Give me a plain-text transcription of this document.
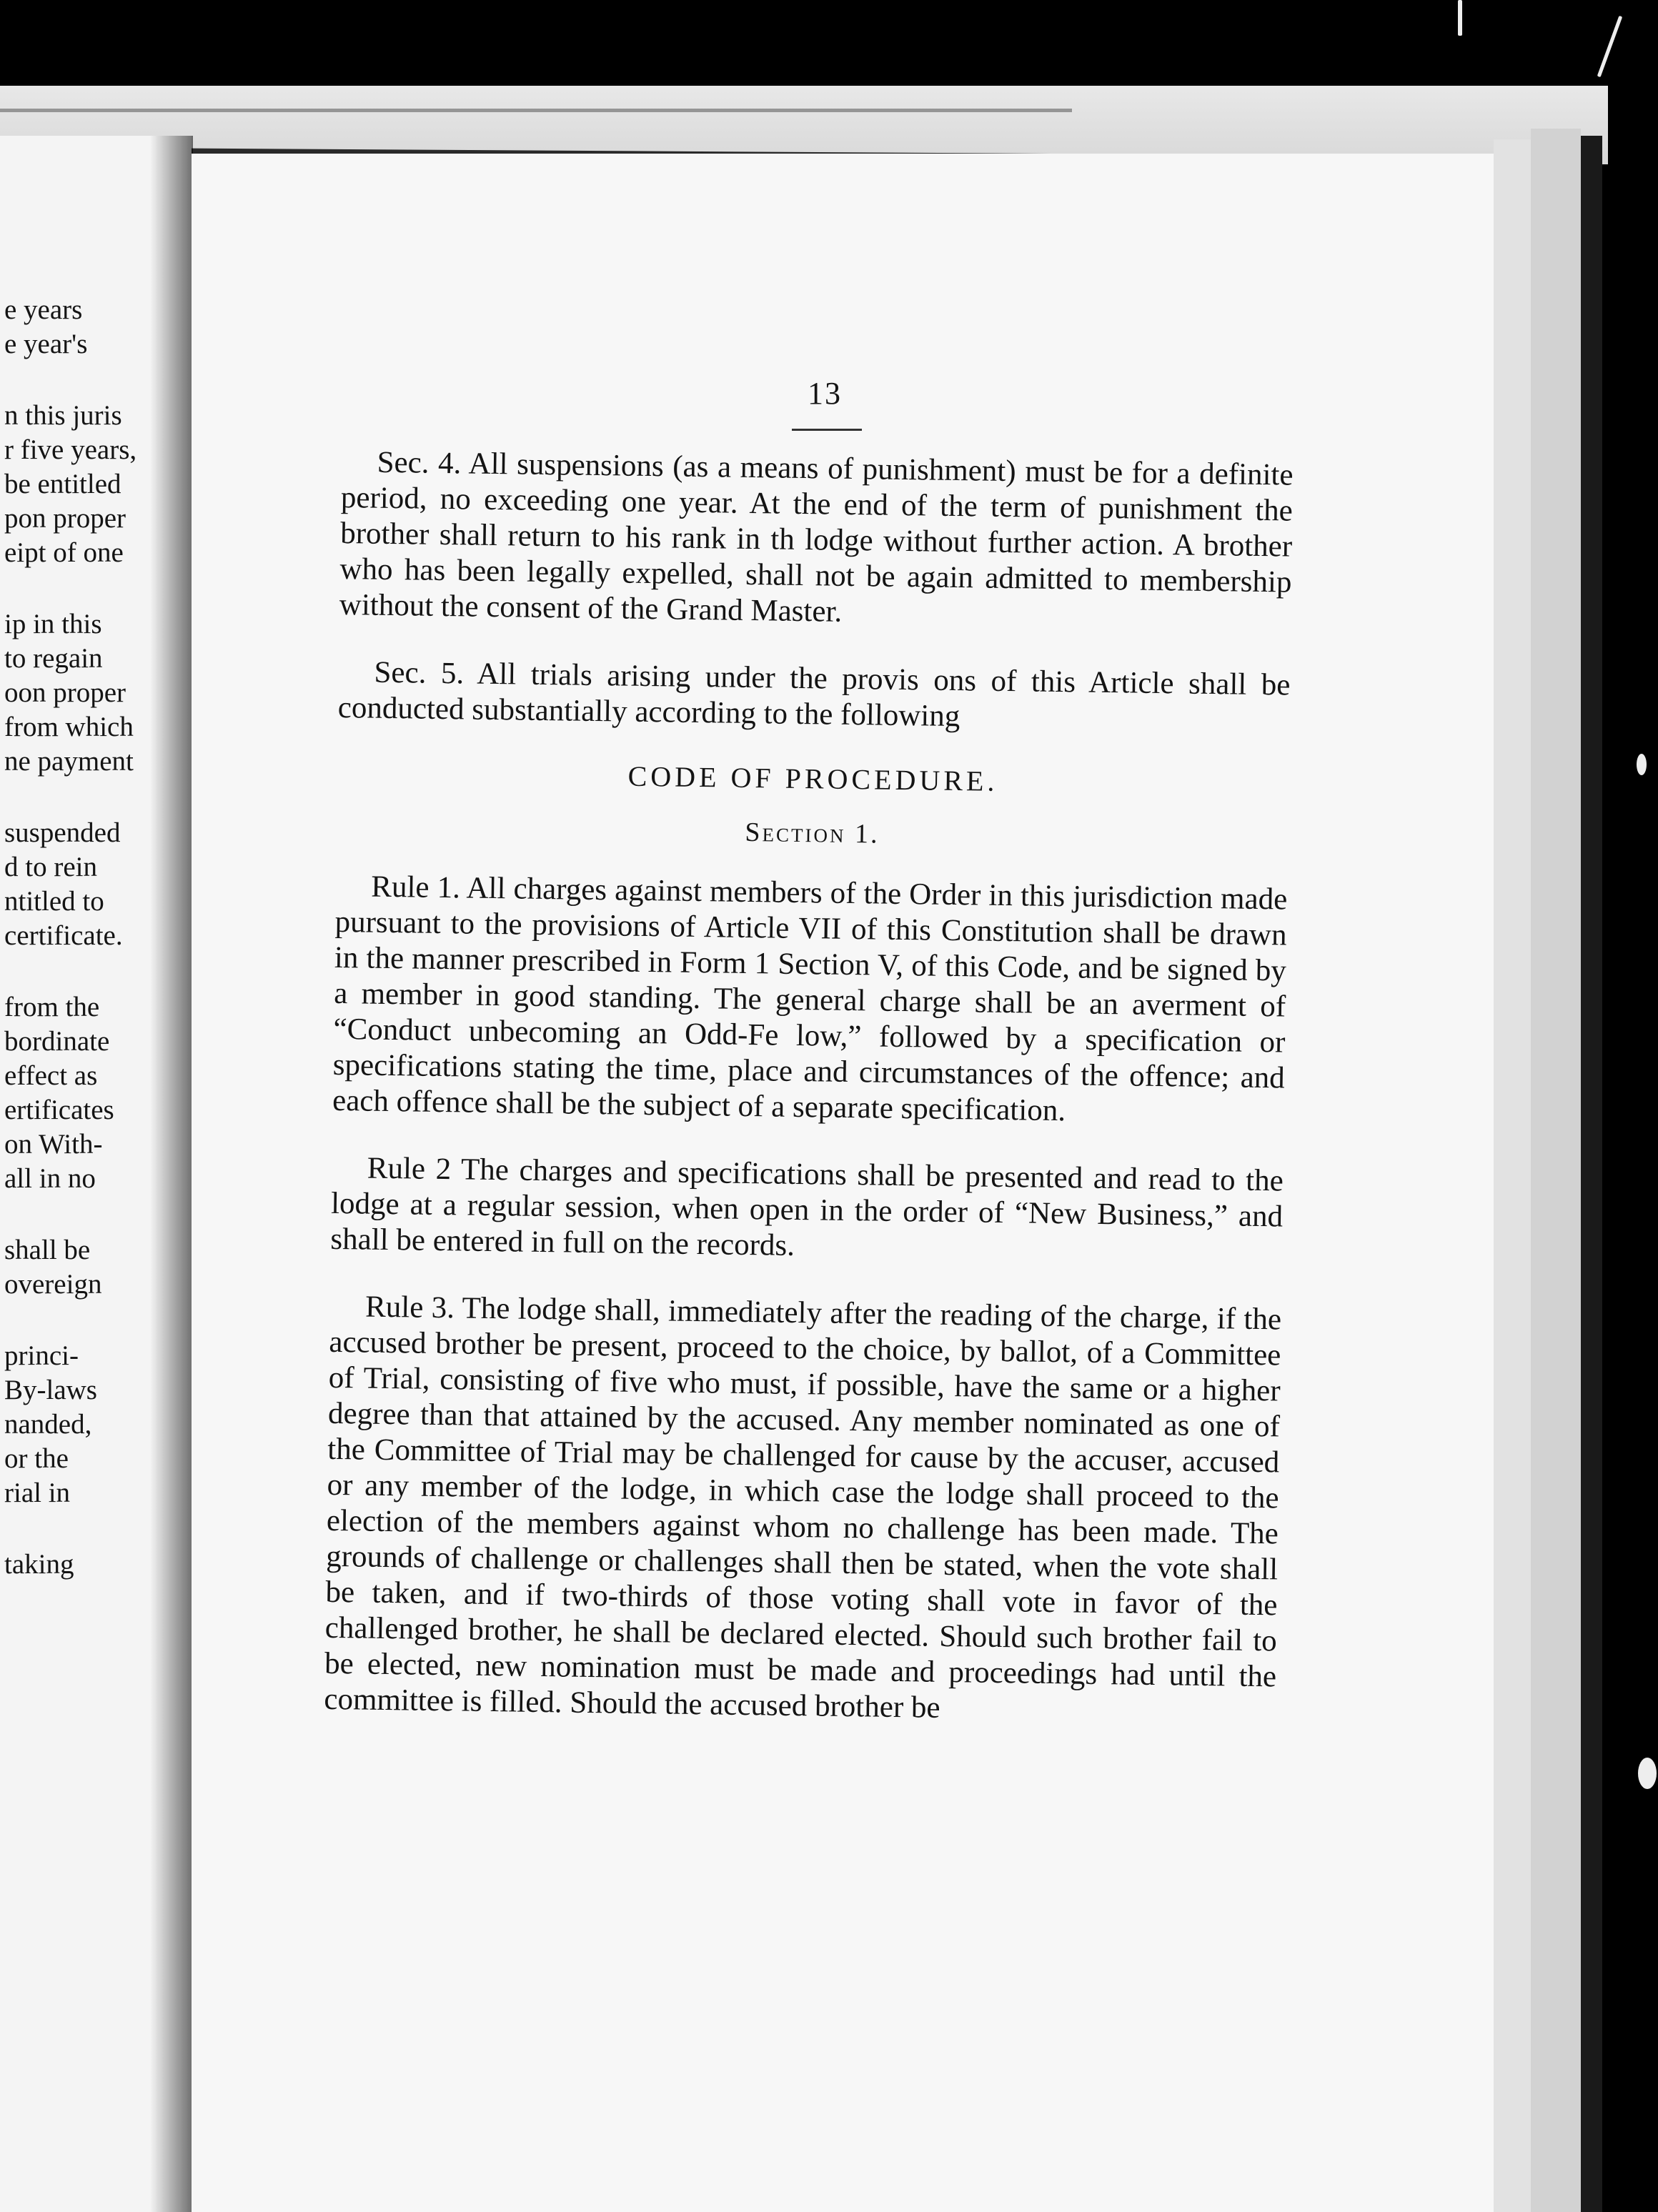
e years
e year's
n this juris
r five years,
be entitled
pon proper
eipt of one
ip in this
to regain
oon proper
from which
ne payment
suspended
d to rein
ntitled to
certificate.
from the
bordinate
effect as
ertificates
on With-
all in no
shall be
overeign
princi-
By-laws
nanded,
or the
rial in
taking
13

Sec. 4. All suspensions (as a means of punishment) must be for a definite period, no exceeding one year. At the end of the term of punishment the brother shall return to his rank in th lodge without further action. A brother who has been legally expelled, shall not be again admitted to membership without the consent of the Grand Master.

Sec. 5. All trials arising under the provis ons of this Article shall be conducted substantially according to the following

CODE OF PROCEDURE.
Section 1.

Rule 1. All charges against members of the Order in this jurisdiction made pursuant to the provisions of Article VII of this Constitution shall be drawn in the manner prescribed in Form 1 Section V, of this Code, and be signed by a member in good standing. The general charge shall be an averment of “Conduct unbecoming an Odd-Fe low,” followed by a specification or specifications stating the time, place and circumstances of the offence; and each offence shall be the subject of a separate specification.

Rule 2 The charges and specifications shall be presented and read to the lodge at a regular session, when open in the order of “New Business,” and shall be entered in full on the records.

Rule 3. The lodge shall, immediately after the reading of the charge, if the accused brother be present, proceed to the choice, by ballot, of a Committee of Trial, consisting of five who must, if possible, have the same or a higher degree than that attained by the accused. Any member nominated as one of the Committee of Trial may be challenged for cause by the accuser, accused or any member of the lodge, in which case the lodge shall proceed to the election of the members against whom no challenge has been made. The grounds of challenge or challenges shall then be stated, when the vote shall be taken, and if two-thirds of those voting shall vote in favor of the challenged brother, he shall be declared elected. Should such brother fail to be elected, new nomination must be made and proceedings had until the committee is filled. Should the accused brother be
